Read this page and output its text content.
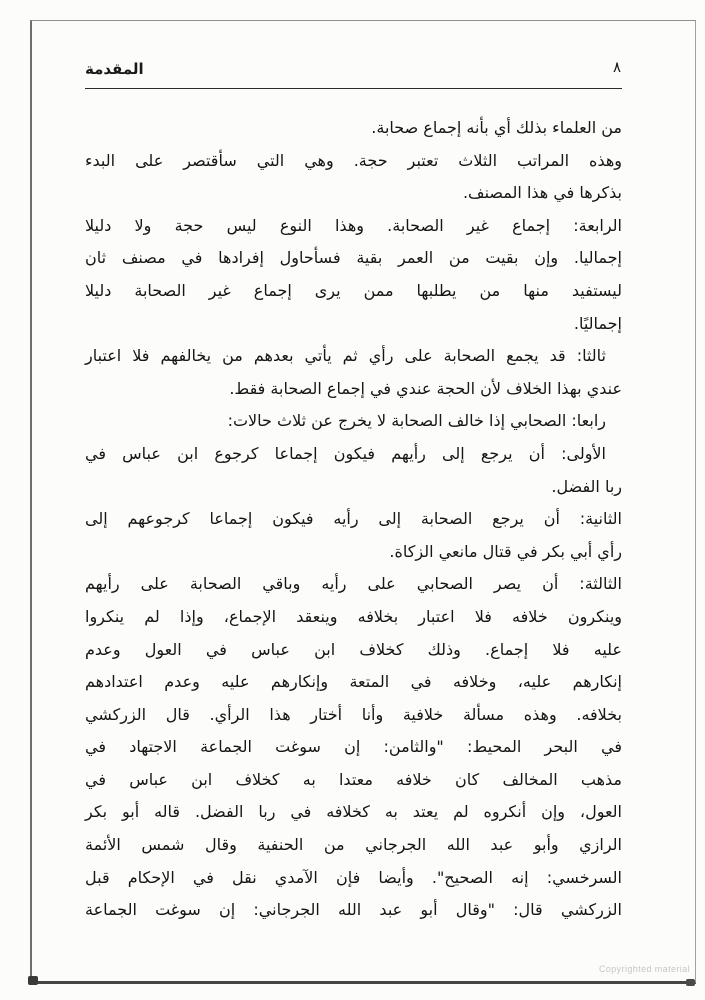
المقدمة	٨
من العلماء بذلك أي بأنه إجماع صحابة.
وهذه المراتب الثلاث تعتبر حجة. وهي التي سأقتصر على البدء
بذكرها في هذا المصنف.
الرابعة: إجماع غير الصحابة. وهذا النوع ليس حجة ولا دليلا
إجماليا. وإن بقيت من العمر بقية فسأحاول إفرادها في مصنف ثان
ليستفيد منها من يطلبها ممن يرى إجماع غير الصحابة دليلا
إجماليًا.
ثالثا: قد يجمع الصحابة على رأي ثم يأتي بعدهم من يخالفهم فلا اعتبار
عندي بهذا الخلاف لأن الحجة عندي في إجماع الصحابة فقط.
رابعا: الصحابي إذا خالف الصحابة لا يخرج عن ثلاث حالات:
الأولى: أن يرجع إلى رأيهم فيكون إجماعا كرجوع ابن عباس في
ربا الفضل.
الثانية: أن يرجع الصحابة إلى رأيه فيكون إجماعا كرجوعهم إلى
رأي أبي بكر في قتال مانعي الزكاة.
الثالثة: أن يصر الصحابي على رأيه وباقي الصحابة على رأيهم
وينكرون خلافه فلا اعتبار بخلافه وينعقد الإجماع، وإذا لم ينكروا
عليه فلا إجماع. وذلك كخلاف ابن عباس في العول وعدم
إنكارهم عليه، وخلافه في المتعة وإنكارهم عليه وعدم اعتدادهم
بخلافه. وهذه مسألة خلافية وأنا أختار هذا الرأي. قال الزركشي
في البحر المحيط: "والثامن: إن سوغت الجماعة الاجتهاد في
مذهب المخالف كان خلافه معتدا به كخلاف ابن عباس في
العول، وإن أنكروه لم يعتد به كخلافه في ربا الفضل. قاله أبو بكر
الرازي وأبو عبد الله الجرجاني من الحنفية وقال شمس الأئمة
السرخسي: إنه الصحيح". وأيضا فإن الآمدي نقل في الإحكام قبل
الزركشي قال: "وقال أبو عبد الله الجرجاني: إن سوغت الجماعة
Copyrighted material
